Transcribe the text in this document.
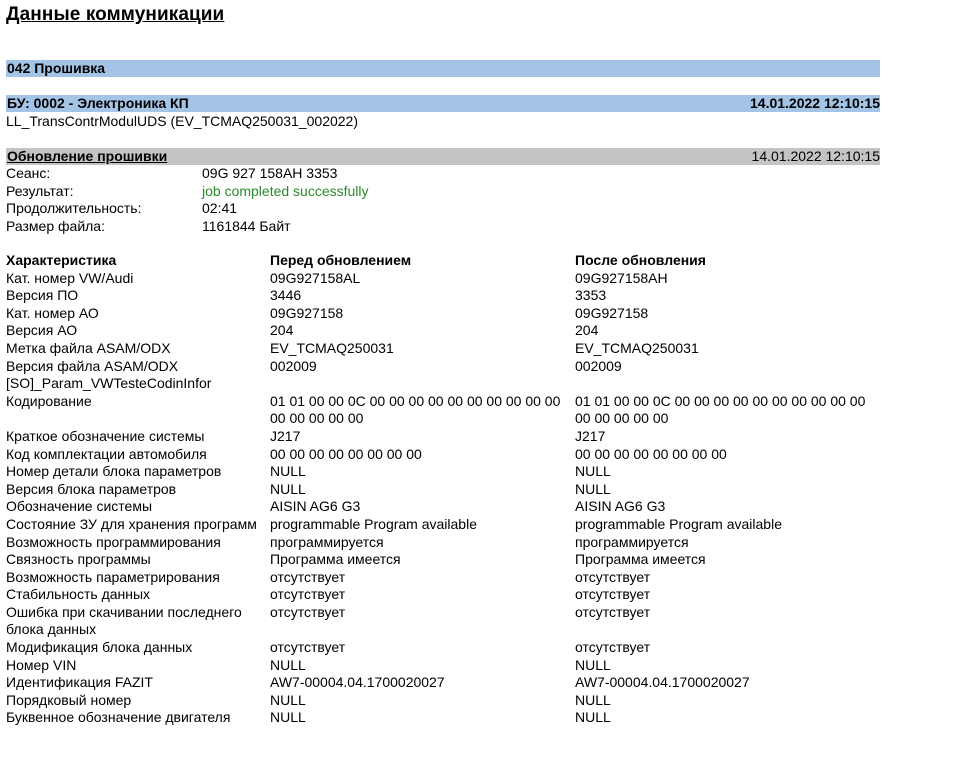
Данные коммуникации
042 Прошивка
БУ: 0002 - Электроника КП	14.01.2022 12:10:15
LL_TransContrModulUDS (EV_TCMAQ250031_002022)
Обновление прошивки	14.01.2022 12:10:15
Сеанс:	09G 927 158AH 3353
Результат:	job completed successfully
Продолжительность:	02:41
Размер файла:	1161844 Байт
Характеристика	Перед обновлением	После обновления
Кат. номер VW/Audi	09G927158AL	09G927158AH
Версия ПО	3446	3353
Кат. номер АО	09G927158	09G927158
Версия АО	204	204
Метка файла ASAM/ODX	EV_TCMAQ250031	EV_TCMAQ250031
Версия файла ASAM/ODX	002009	002009
[SO]_Param_VWTesteCodinInfor		
Кодирование	01 01 00 00 0C 00 00 00 00 00 00 00 00 00 00 00 00 00 00 00	01 01 00 00 0C 00 00 00 00 00 00 00 00 00 00 00 00 00 00 00
Краткое обозначение системы	J217	J217
Код комплектации автомобиля	00 00 00 00 00 00 00 00	00 00 00 00 00 00 00 00
Номер детали блока параметров	NULL	NULL
Версия блока параметров	NULL	NULL
Обозначение системы	AISIN AG6 G3	AISIN AG6 G3
Состояние ЗУ для хранения программ	programmable Program available	programmable Program available
Возможность программирования	программируется	программируется
Связность программы	Программа имеется	Программа имеется
Возможность параметрирования	отсутствует	отсутствует
Стабильность данных	отсутствует	отсутствует
Ошибка при скачивании последнего блока данных	отсутствует	отсутствует
Модификация блока данных	отсутствует	отсутствует
Номер VIN	NULL	NULL
Идентификация FAZIT	AW7-00004.04.1700020027	AW7-00004.04.1700020027
Порядковый номер	NULL	NULL
Буквенное обозначение двигателя	NULL	NULL
